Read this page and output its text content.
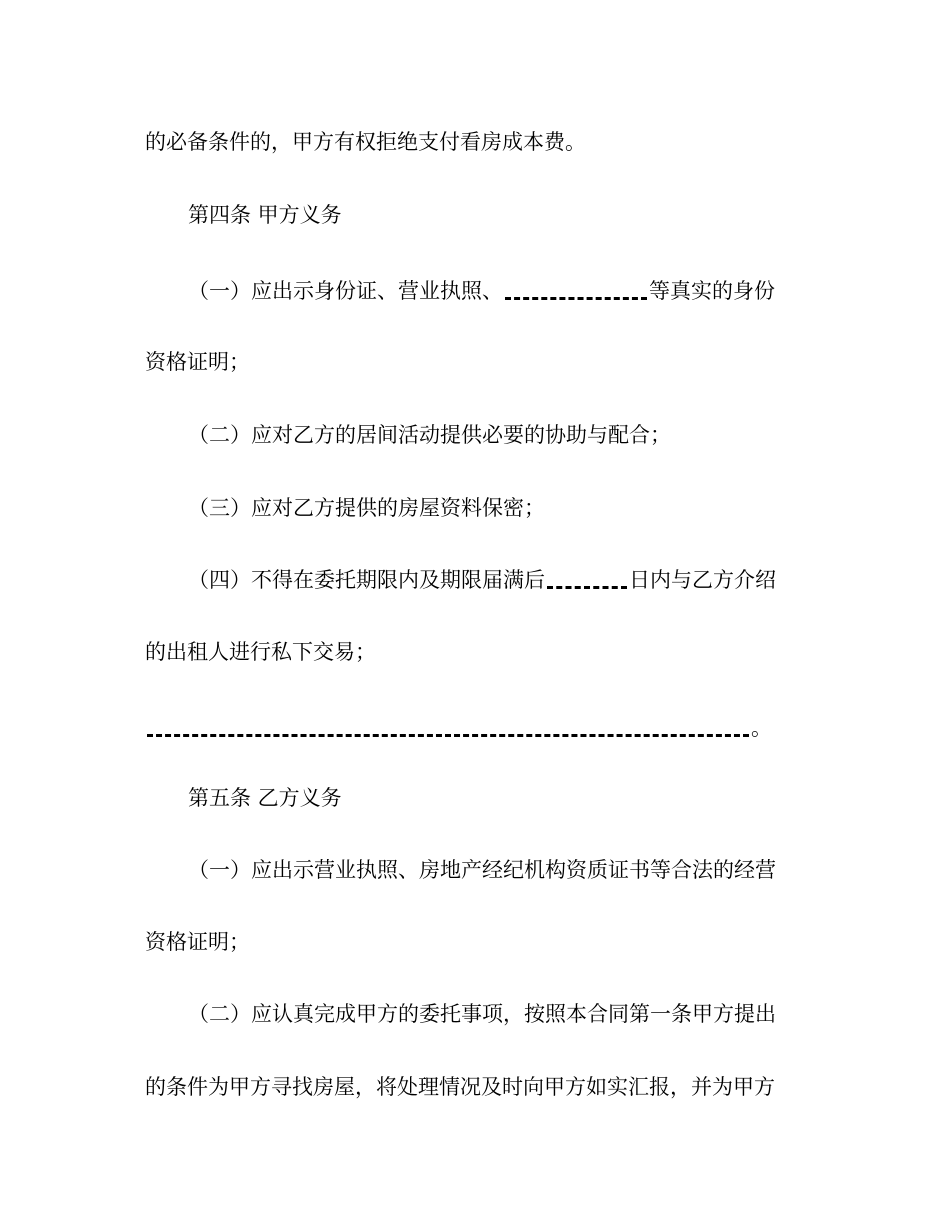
的必备条件的，甲方有权拒绝支付看房成本费。
第四条 甲方义务
（一）应出示身份证、营业执照、	等真实的身份
资格证明；
（二）应对乙方的居间活动提供必要的协助与配合；
（三）应对乙方提供的房屋资料保密；
（四）不得在委托期限内及期限届满后	日内与乙方介绍
的出租人进行私下交易；
。
第五条 乙方义务
（一）应出示营业执照、房地产经纪机构资质证书等合法的经营
资格证明；
（二）应认真完成甲方的委托事项，按照本合同第一条甲方提出
的条件为甲方寻找房屋，将处理情况及时向甲方如实汇报，并为甲方
